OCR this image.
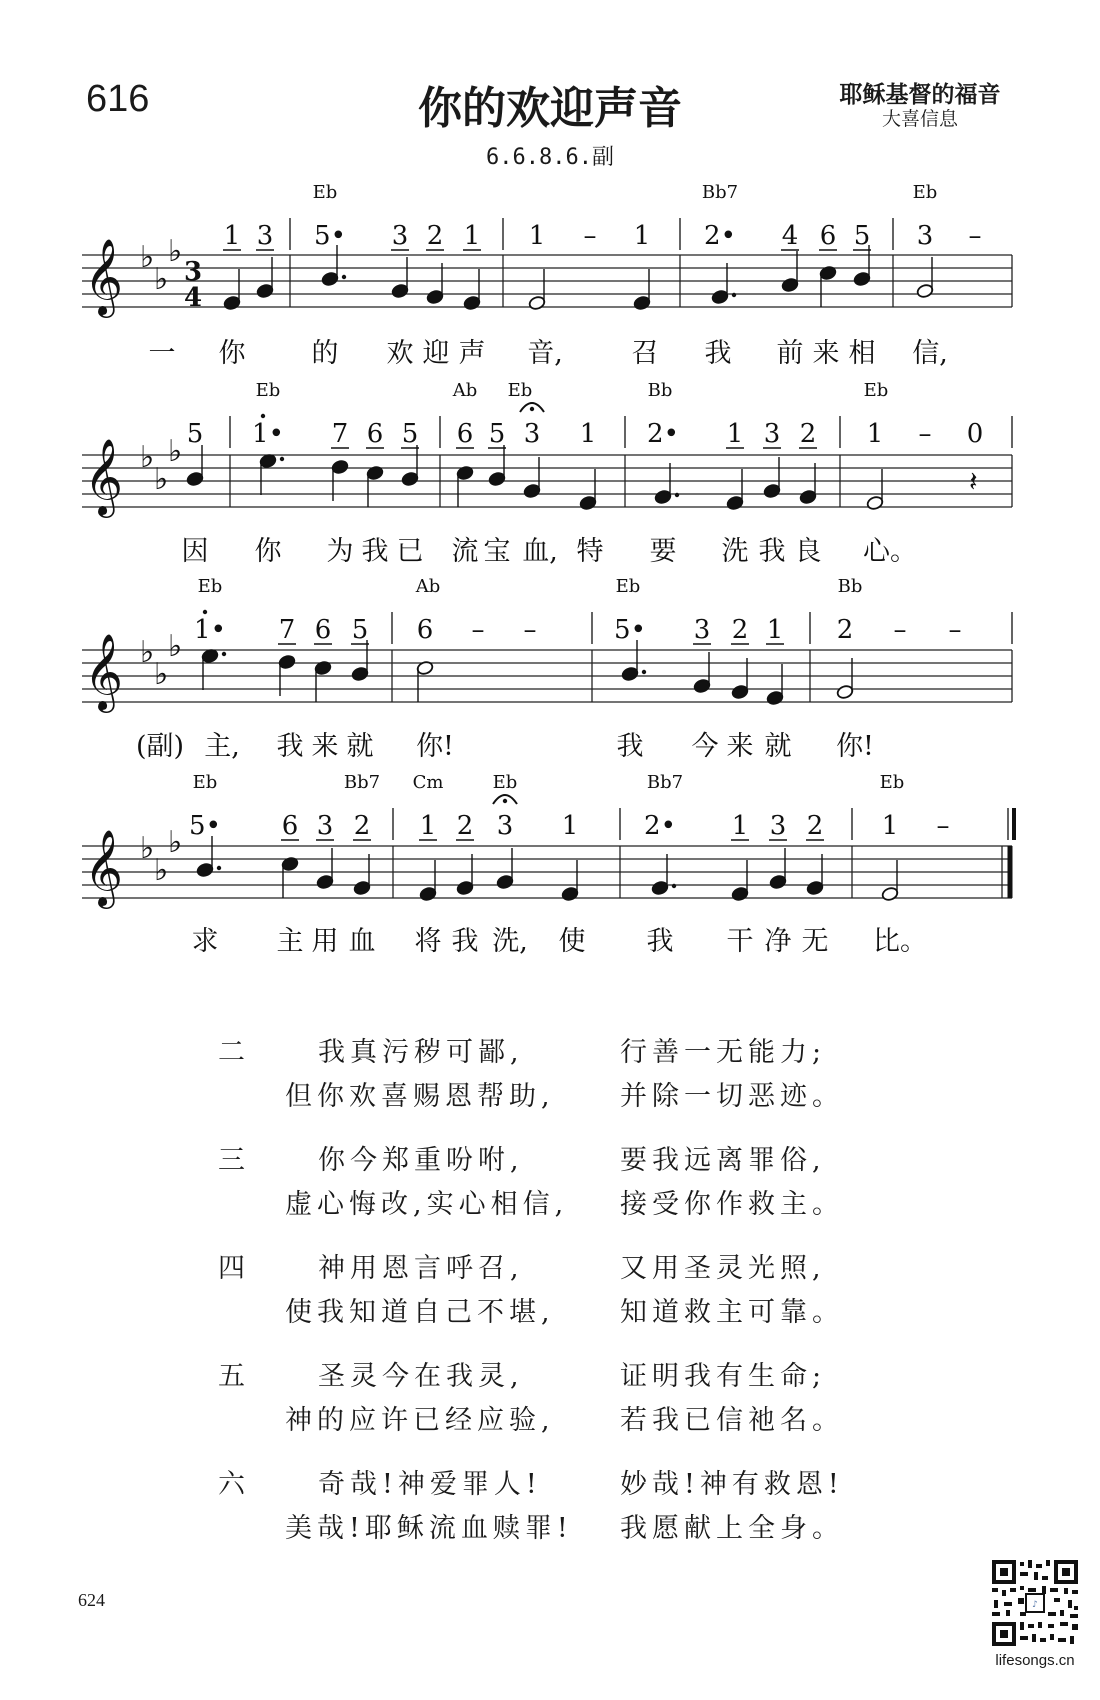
616	你的欢迎声音	耶稣基督的福音
大喜信息
6.6.8.6.副
𝄞 ♭
♭
♭
3
4
Eb	Bb7	Eb
1 3 5• 3 2 1 1 – 1 2• 4 6 5 3 –
一 你 的 欢 迎 声 音,	召 我 前 来 相 信,
𝄞 ♭
♭
♭
𝄽
Eb	Ab Eb	Bb	Eb
5 1• 7 6 5 6 5 3 1 2• 1 3 2 1 – 0
因 你 为 我 已 流 宝 血, 特 要 洗 我 良 心。
𝄞 ♭
♭
♭
Eb	Ab	Eb	Bb
1• 7 6 5 6 – –	5• 3 2 1 2 – –
(副) 主, 我 来 就 你!	我 今 来 就 你!
𝄞 ♭
♭
♭
Eb	Bb7 Cm	Eb	Bb7	Eb
5• 6 3 2 1 2 3 1	2• 1 3 2 1 –
求 主 用 血 将 我 洗, 使 我 干 净 无 比。
二	我真污秽可鄙,	行善一无能力;
但你欢喜赐恩帮助, 并除一切恶迹。
三	你今郑重吩咐,	要我远离罪俗,
虚心悔改,实心相信, 接受你作救主。
四	神用恩言呼召,	又用圣灵光照,
使我知道自己不堪, 知道救主可靠。
五	圣灵今在我灵,	证明我有生命;
神的应许已经应验, 若我已信祂名。
六	奇哉!神爱罪人!	妙哉!神有救恩!
美哉!耶稣流血赎罪! 我愿献上全身。
624	♪
lifesongs.cn
